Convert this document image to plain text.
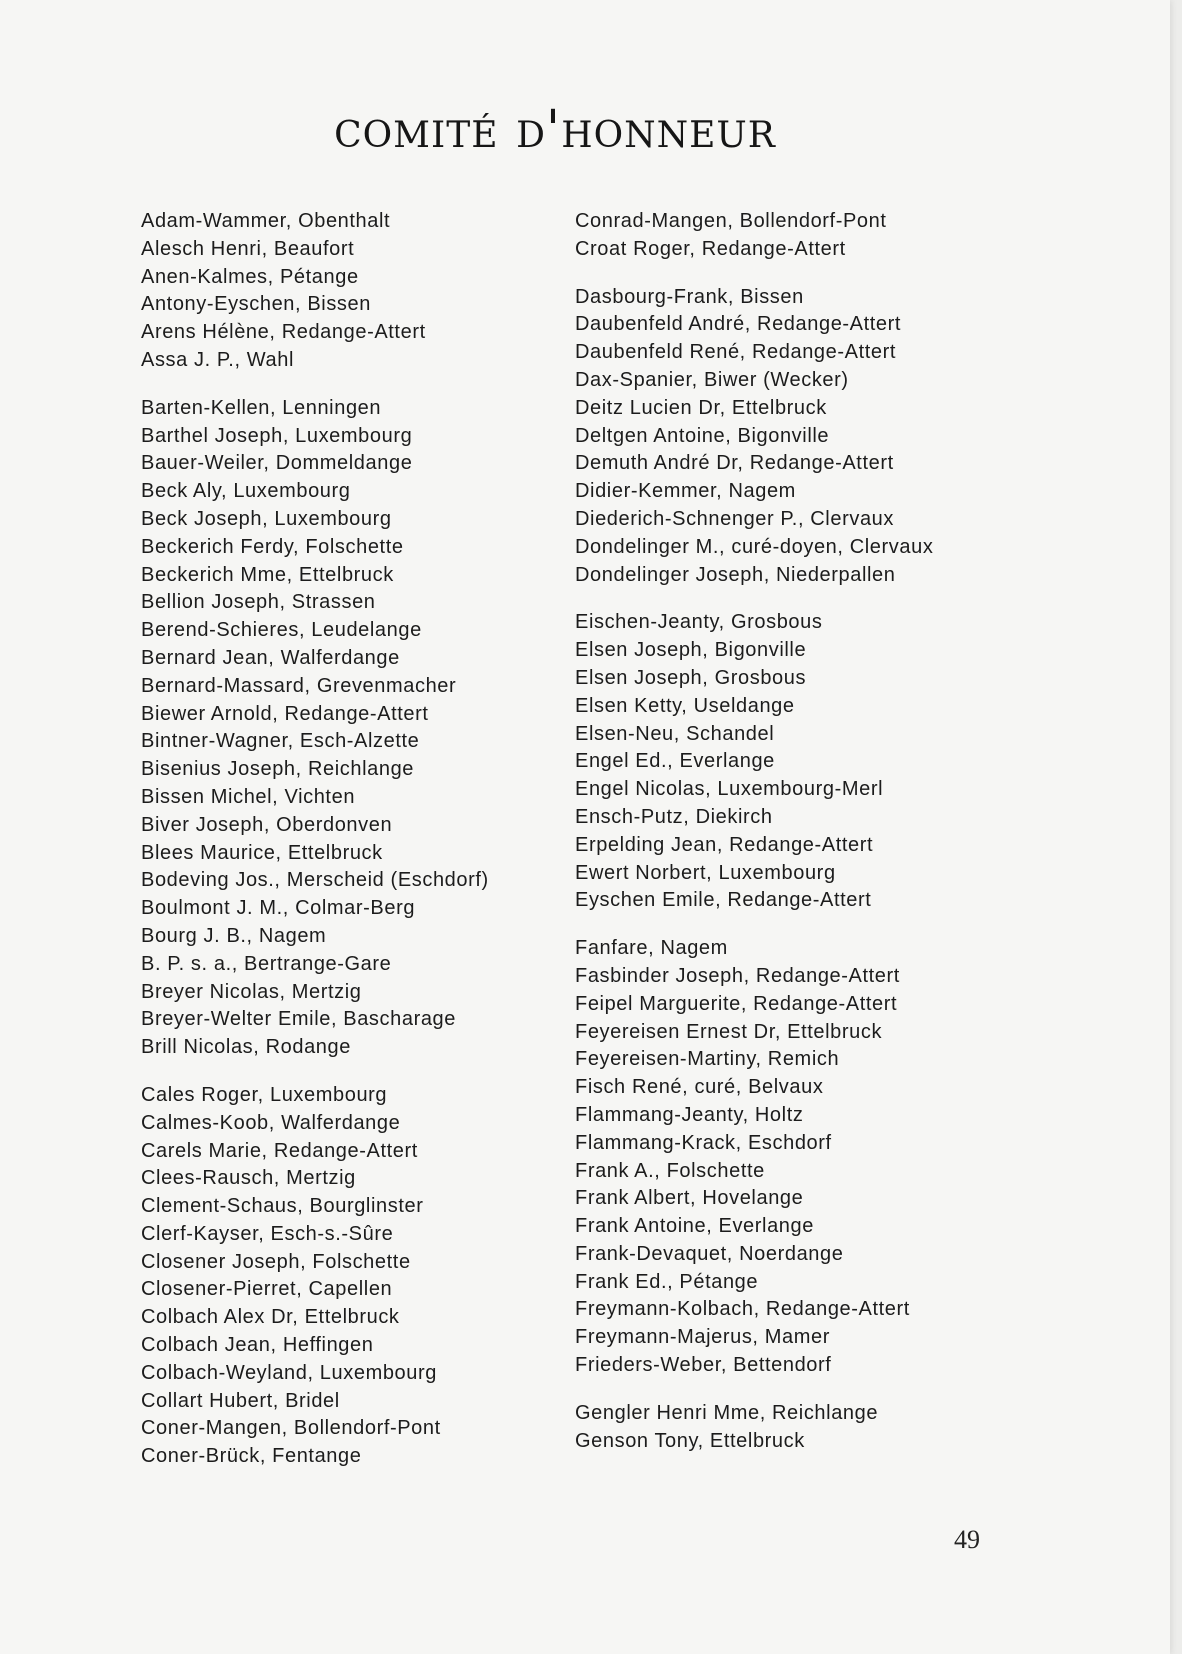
comité d'honneur
Adam-Wammer, Obenthalt
Alesch Henri, Beaufort
Anen-Kalmes, Pétange
Antony-Eyschen, Bissen
Arens Hélène, Redange-Attert
Assa J. P., Wahl
Barten-Kellen, Lenningen
Barthel Joseph, Luxembourg
Bauer-Weiler, Dommeldange
Beck Aly, Luxembourg
Beck Joseph, Luxembourg
Beckerich Ferdy, Folschette
Beckerich Mme, Ettelbruck
Bellion Joseph, Strassen
Berend-Schieres, Leudelange
Bernard Jean, Walferdange
Bernard-Massard, Grevenmacher
Biewer Arnold, Redange-Attert
Bintner-Wagner, Esch-Alzette
Bisenius Joseph, Reichlange
Bissen Michel, Vichten
Biver Joseph, Oberdonven
Blees Maurice, Ettelbruck
Bodeving Jos., Merscheid (Eschdorf)
Boulmont J. M., Colmar-Berg
Bourg J. B., Nagem
B. P. s. a., Bertrange-Gare
Breyer Nicolas, Mertzig
Breyer-Welter Emile, Bascharage
Brill Nicolas, Rodange
Cales Roger, Luxembourg
Calmes-Koob, Walferdange
Carels Marie, Redange-Attert
Clees-Rausch, Mertzig
Clement-Schaus, Bourglinster
Clerf-Kayser, Esch-s.-Sûre
Closener Joseph, Folschette
Closener-Pierret, Capellen
Colbach Alex Dr, Ettelbruck
Colbach Jean, Heffingen
Colbach-Weyland, Luxembourg
Collart Hubert, Bridel
Coner-Mangen, Bollendorf-Pont
Coner-Brück, Fentange
Conrad-Mangen, Bollendorf-Pont
Croat Roger, Redange-Attert
Dasbourg-Frank, Bissen
Daubenfeld André, Redange-Attert
Daubenfeld René, Redange-Attert
Dax-Spanier, Biwer (Wecker)
Deitz Lucien Dr, Ettelbruck
Deltgen Antoine, Bigonville
Demuth André Dr, Redange-Attert
Didier-Kemmer, Nagem
Diederich-Schnenger P., Clervaux
Dondelinger M., curé-doyen, Clervaux
Dondelinger Joseph, Niederpallen
Eischen-Jeanty, Grosbous
Elsen Joseph, Bigonville
Elsen Joseph, Grosbous
Elsen Ketty, Useldange
Elsen-Neu, Schandel
Engel Ed., Everlange
Engel Nicolas, Luxembourg-Merl
Ensch-Putz, Diekirch
Erpelding Jean, Redange-Attert
Ewert Norbert, Luxembourg
Eyschen Emile, Redange-Attert
Fanfare, Nagem
Fasbinder Joseph, Redange-Attert
Feipel Marguerite, Redange-Attert
Feyereisen Ernest Dr, Ettelbruck
Feyereisen-Martiny, Remich
Fisch René, curé, Belvaux
Flammang-Jeanty, Holtz
Flammang-Krack, Eschdorf
Frank A., Folschette
Frank Albert, Hovelange
Frank Antoine, Everlange
Frank-Devaquet, Noerdange
Frank Ed., Pétange
Freymann-Kolbach, Redange-Attert
Freymann-Majerus, Mamer
Frieders-Weber, Bettendorf
Gengler Henri Mme, Reichlange
Genson Tony, Ettelbruck
49
